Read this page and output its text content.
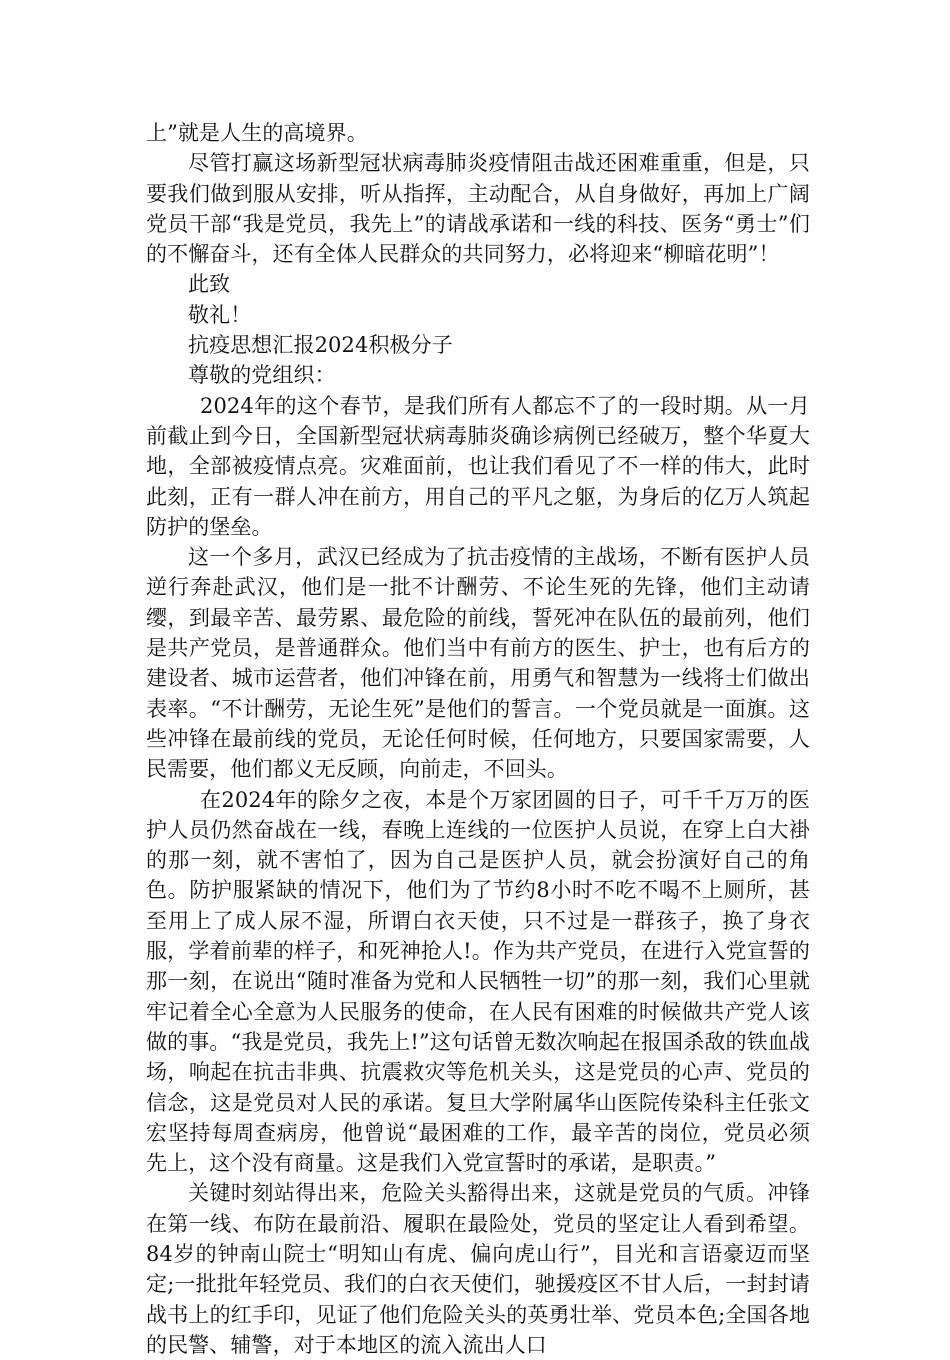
上”就是人生的高境界。

尽管打赢这场新型冠状病毒肺炎疫情阻击战还困难重重，但是，只要我们做到服从安排，听从指挥，主动配合，从自身做好，再加上广阔党员干部“我是党员，我先上”的请战承诺和一线的科技、医务“勇士”们的不懈奋斗，还有全体人民群众的共同努力，必将迎来“柳暗花明”！

此致

敬礼！

抗疫思想汇报2024积极分子

尊敬的党组织：

2024年的这个春节，是我们所有人都忘不了的一段时期。从一月前截止到今日，全国新型冠状病毒肺炎确诊病例已经破万，整个华夏大地，全部被疫情点亮。灾难面前，也让我们看见了不一样的伟大，此时此刻，正有一群人冲在前方，用自己的平凡之躯，为身后的亿万人筑起防护的堡垒。

这一个多月，武汉已经成为了抗击疫情的主战场，不断有医护人员逆行奔赴武汉，他们是一批不计酬劳、不论生死的先锋，他们主动请缨，到最辛苦、最劳累、最危险的前线，誓死冲在队伍的最前列，他们是共产党员，是普通群众。他们当中有前方的医生、护士，也有后方的建设者、城市运营者，他们冲锋在前，用勇气和智慧为一线将士们做出表率。“不计酬劳，无论生死”是他们的誓言。一个党员就是一面旗。这些冲锋在最前线的党员，无论任何时候，任何地方，只要国家需要，人民需要，他们都义无反顾，向前走，不回头。

在2024年的除夕之夜，本是个万家团圆的日子，可千千万万的医护人员仍然奋战在一线，春晚上连线的一位医护人员说，在穿上白大褂的那一刻，就不害怕了，因为自己是医护人员，就会扮演好自己的角色。防护服紧缺的情况下，他们为了节约8小时不吃不喝不上厕所，甚至用上了成人尿不湿，所谓白衣天使，只不过是一群孩子，换了身衣服，学着前辈的样子，和死神抢人!。作为共产党员，在进行入党宣誓的那一刻，在说出“随时准备为党和人民牺牲一切”的那一刻，我们心里就牢记着全心全意为人民服务的使命，在人民有困难的时候做共产党人该做的事。“我是党员，我先上!”这句话曾无数次响起在报国杀敌的铁血战场，响起在抗击非典、抗震救灾等危机关头，这是党员的心声、党员的信念，这是党员对人民的承诺。复旦大学附属华山医院传染科主任张文宏坚持每周查病房，他曾说“最困难的工作，最辛苦的岗位，党员必须先上，这个没有商量。这是我们入党宣誓时的承诺，是职责。”

关键时刻站得出来，危险关头豁得出来，这就是党员的气质。冲锋在第一线、布防在最前沿、履职在最险处，党员的坚定让人看到希望。84岁的钟南山院士“明知山有虎、偏向虎山行”，目光和言语豪迈而坚定;一批批年轻党员、我们的白衣天使们，驰援疫区不甘人后，一封封请战书上的红手印，见证了他们危险关头的英勇壮举、党员本色;全国各地的民警、辅警，对于本地区的流入流出人口
